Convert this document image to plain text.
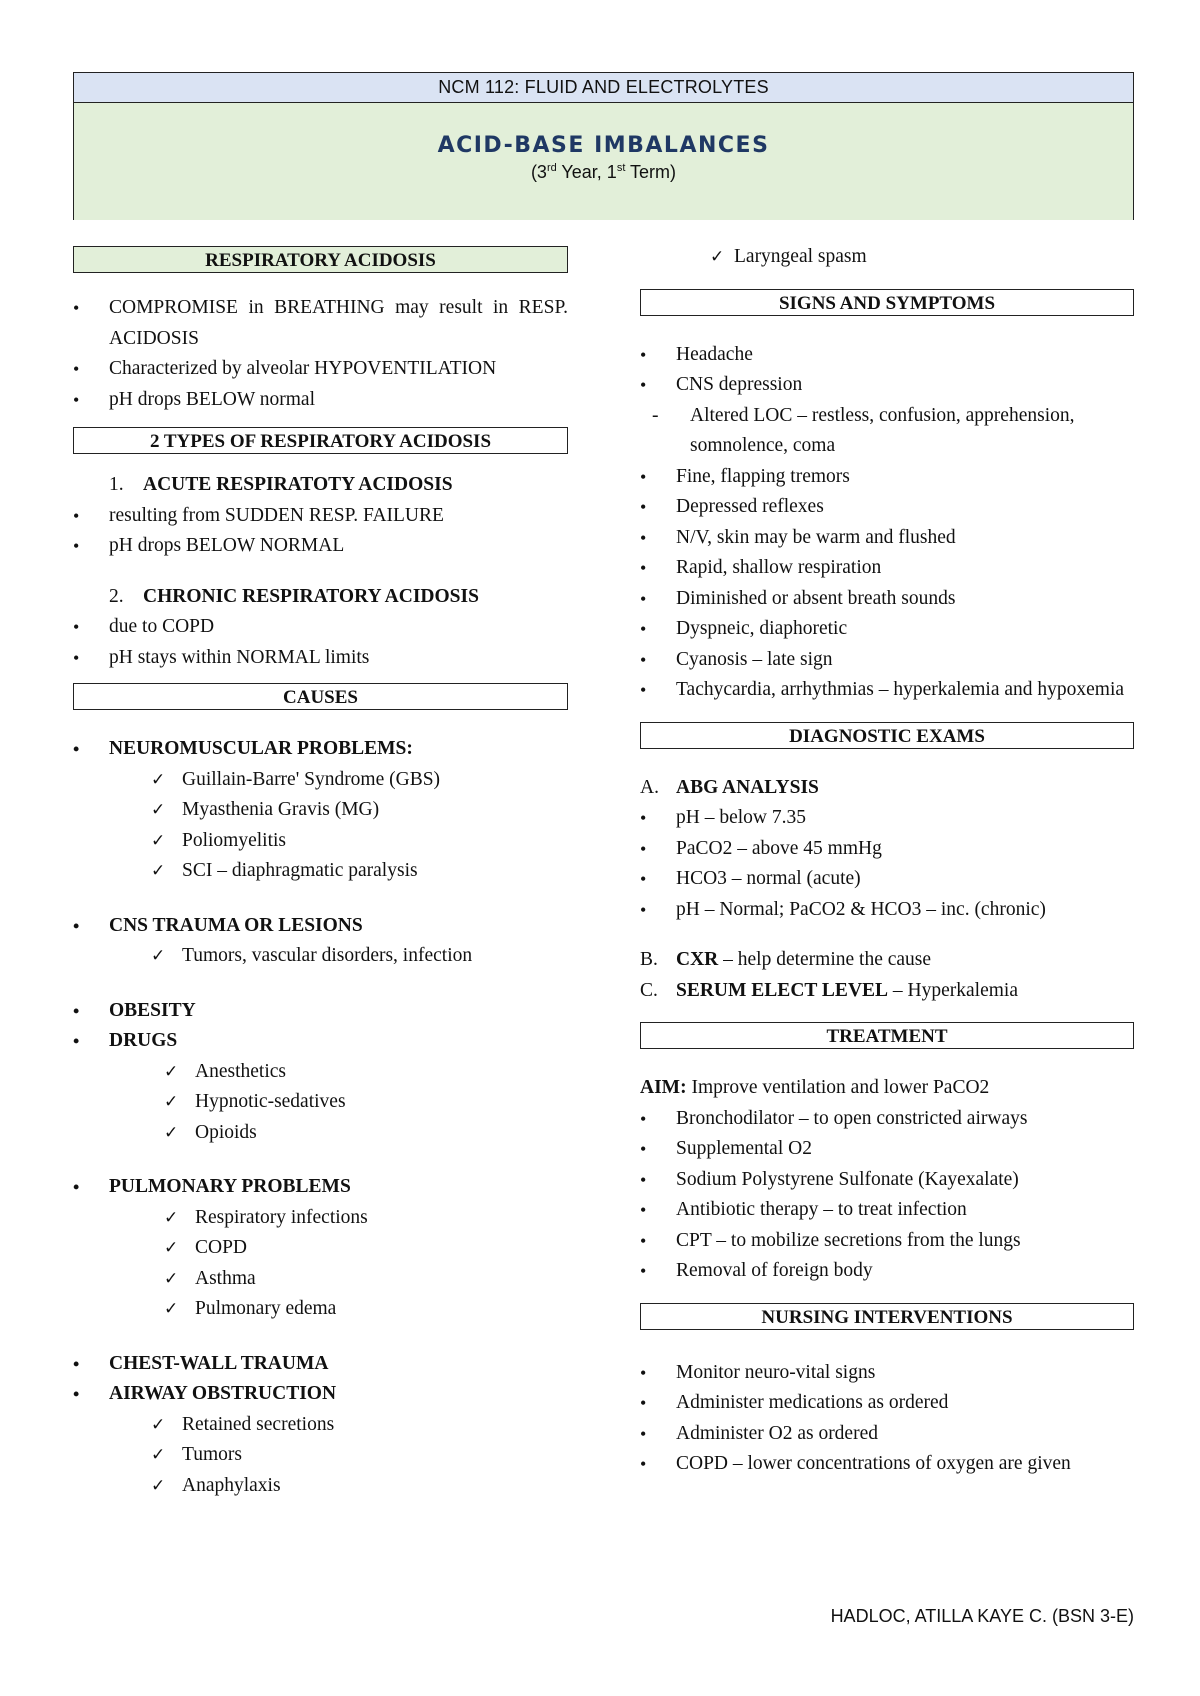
NCM 112: FLUID AND ELECTROLYTES
ACID-BASE IMBALANCES
(3rd Year, 1st Term)
RESPIRATORY ACIDOSIS
• COMPROMISE in BREATHING may result in RESP. ACIDOSIS
• Characterized by alveolar HYPOVENTILATION
• pH drops BELOW normal
2 TYPES OF RESPIRATORY ACIDOSIS
1. ACUTE RESPIRATOTY ACIDOSIS
• resulting from SUDDEN RESP. FAILURE
• pH drops BELOW NORMAL
2. CHRONIC RESPIRATORY ACIDOSIS
• due to COPD
• pH stays within NORMAL limits
CAUSES
• NEUROMUSCULAR PROBLEMS:
✓ Guillain-Barre' Syndrome (GBS)
✓ Myasthenia Gravis (MG)
✓ Poliomyelitis
✓ SCI – diaphragmatic paralysis
• CNS TRAUMA OR LESIONS
✓ Tumors, vascular disorders, infection
• OBESITY
• DRUGS
✓ Anesthetics
✓ Hypnotic-sedatives
✓ Opioids
• PULMONARY PROBLEMS
✓ Respiratory infections
✓ COPD
✓ Asthma
✓ Pulmonary edema
• CHEST-WALL TRAUMA
• AIRWAY OBSTRUCTION
✓ Retained secretions
✓ Tumors
✓ Anaphylaxis
✓ Laryngeal spasm
SIGNS AND SYMPTOMS
• Headache
• CNS depression
- Altered LOC – restless, confusion, apprehension, somnolence, coma
• Fine, flapping tremors
• Depressed reflexes
• N/V, skin may be warm and flushed
• Rapid, shallow respiration
• Diminished or absent breath sounds
• Dyspneic, diaphoretic
• Cyanosis – late sign
• Tachycardia, arrhythmias – hyperkalemia and hypoxemia
DIAGNOSTIC EXAMS
A. ABG ANALYSIS
• pH – below 7.35
• PaCO2 – above 45 mmHg
• HCO3 – normal (acute)
• pH – Normal; PaCO2 & HCO3 – inc. (chronic)
B. CXR – help determine the cause
C. SERUM ELECT LEVEL – Hyperkalemia
TREATMENT
AIM: Improve ventilation and lower PaCO2
• Bronchodilator – to open constricted airways
• Supplemental O2
• Sodium Polystyrene Sulfonate (Kayexalate)
• Antibiotic therapy – to treat infection
• CPT – to mobilize secretions from the lungs
• Removal of foreign body
NURSING INTERVENTIONS
• Monitor neuro-vital signs
• Administer medications as ordered
• Administer O2 as ordered
• COPD – lower concentrations of oxygen are given
HADLOC, ATILLA KAYE C. (BSN 3-E)
